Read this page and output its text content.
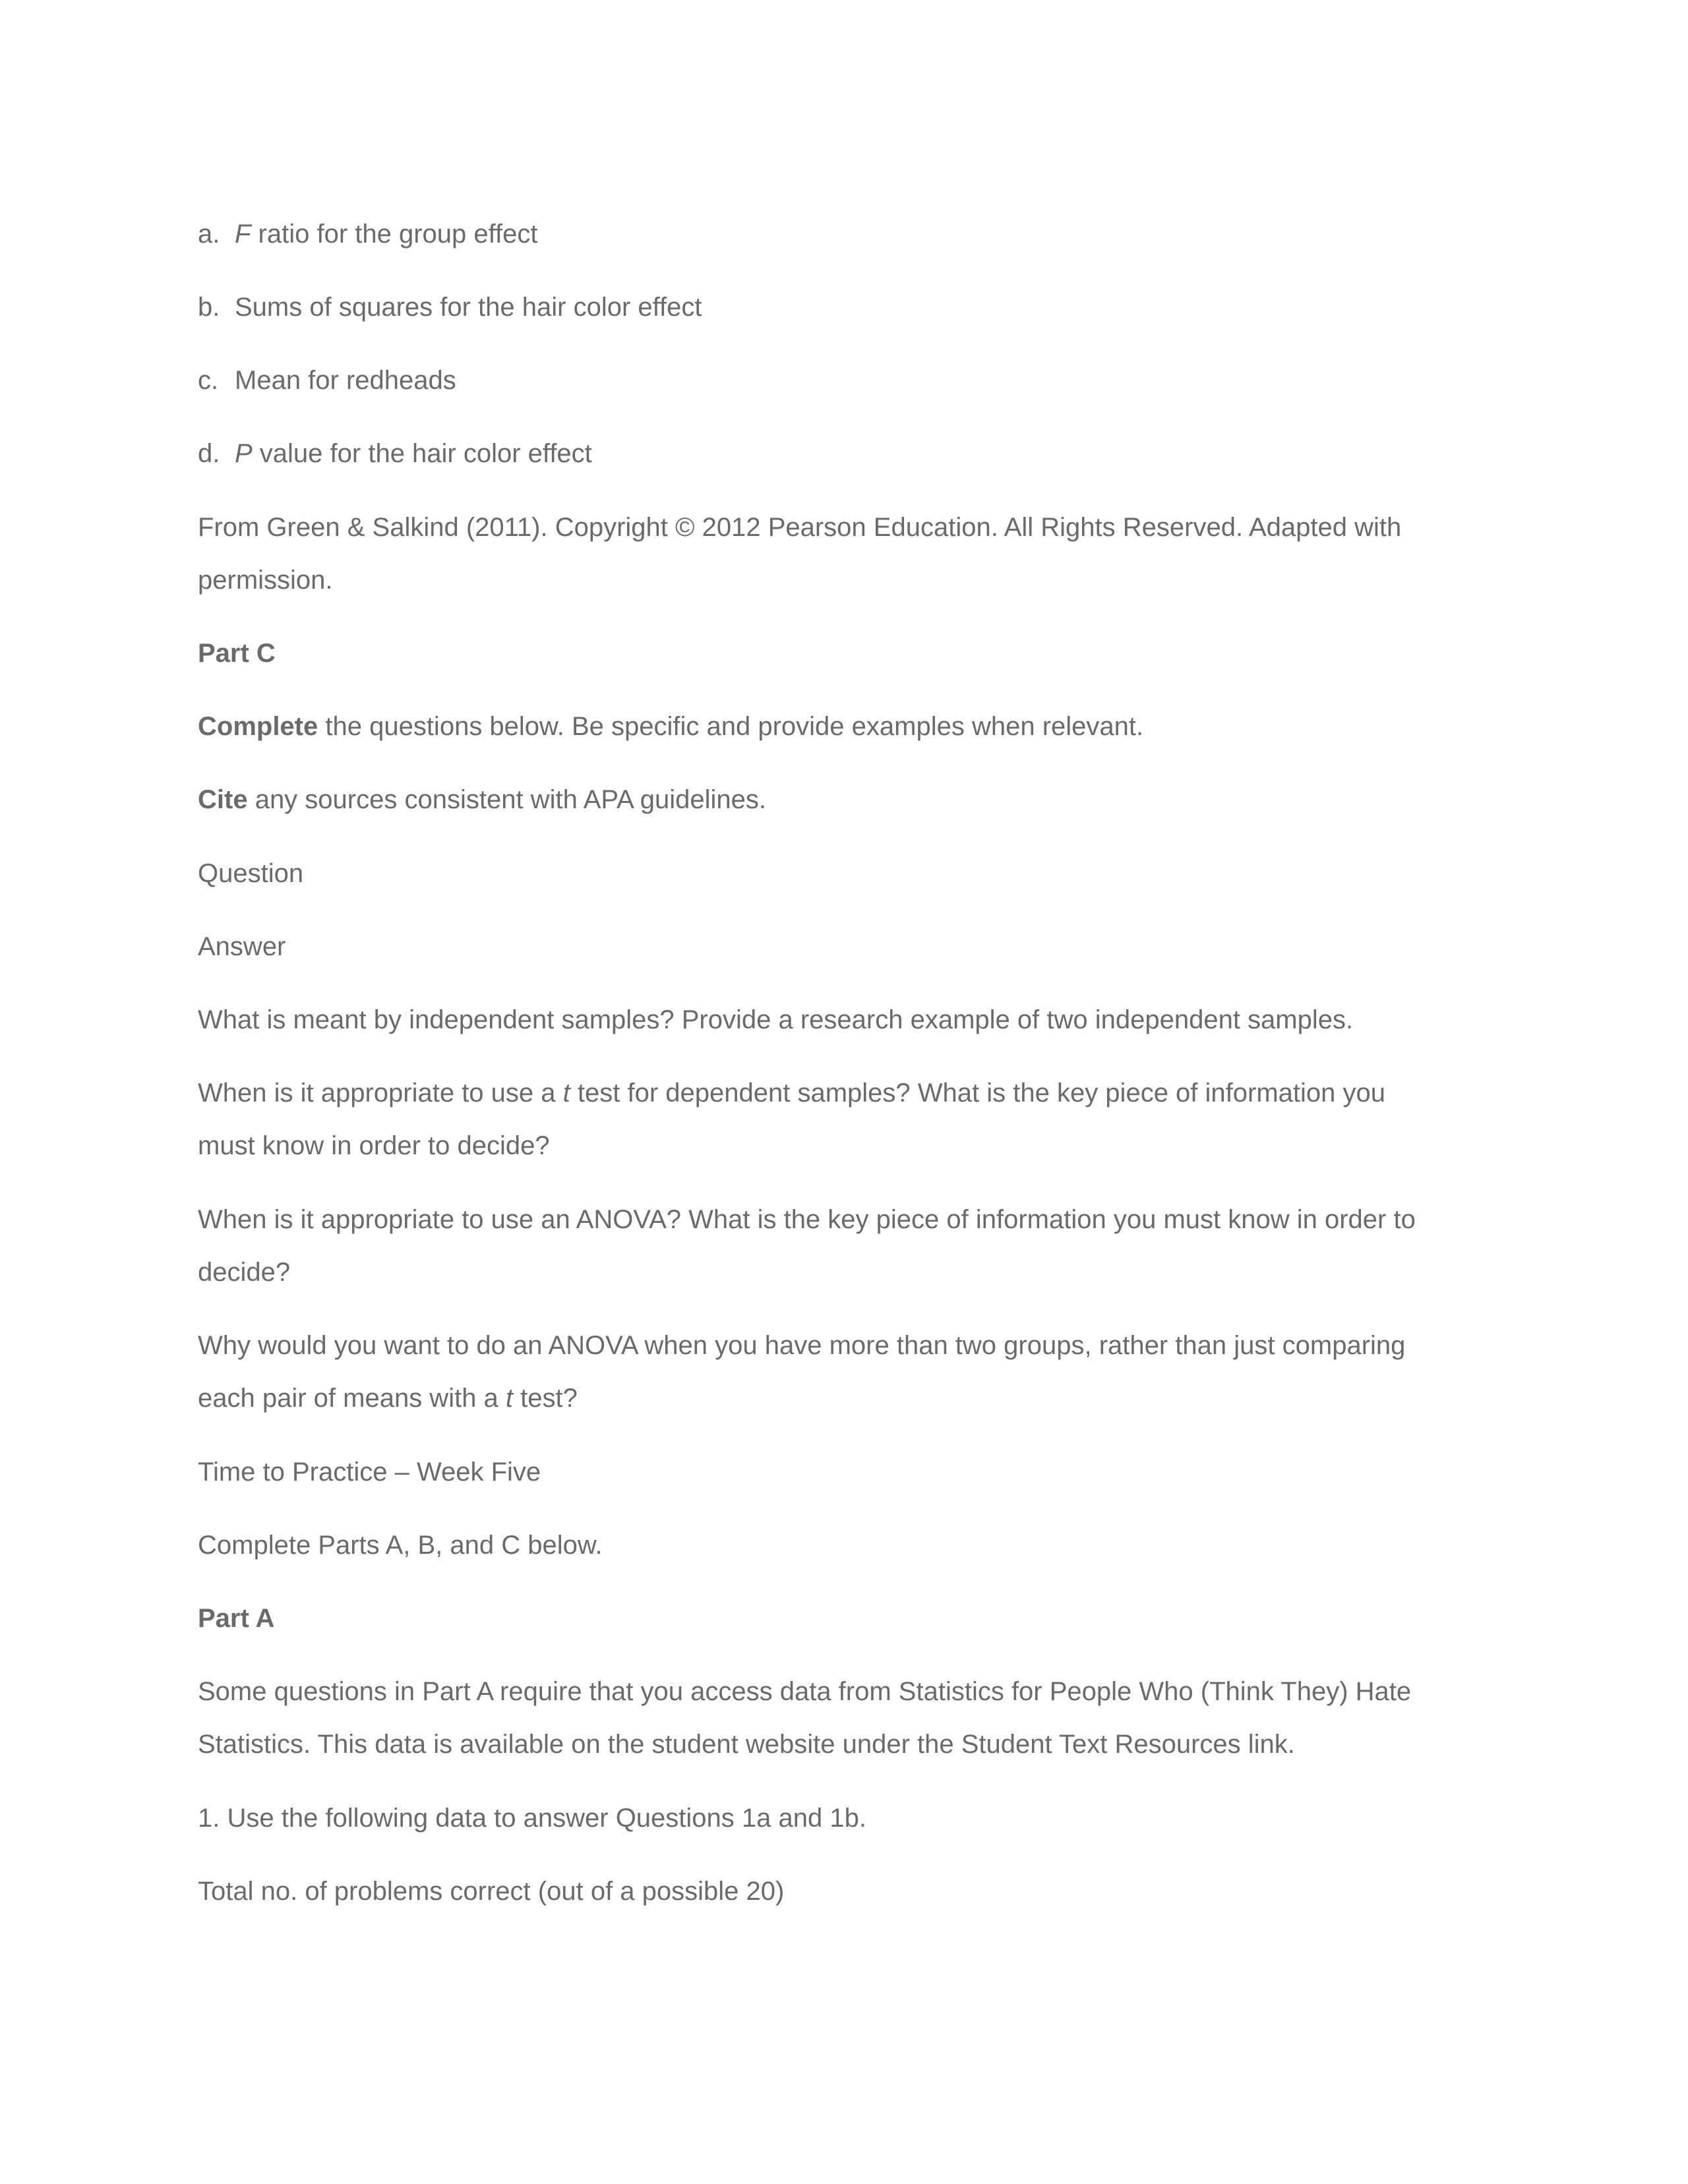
a. F ratio for the group effect

b. Sums of squares for the hair color effect

c. Mean for redheads

d. P value for the hair color effect

From Green & Salkind (2011). Copyright © 2012 Pearson Education. All Rights Reserved. Adapted with

permission.

Part C

Complete the questions below. Be specific and provide examples when relevant.

Cite any sources consistent with APA guidelines.

Question

Answer

What is meant by independent samples? Provide a research example of two independent samples.

When is it appropriate to use a t test for dependent samples? What is the key piece of information you

must know in order to decide?

When is it appropriate to use an ANOVA? What is the key piece of information you must know in order to

decide?

Why would you want to do an ANOVA when you have more than two groups, rather than just comparing

each pair of means with a t test?

Time to Practice – Week Five

Complete Parts A, B, and C below.

Part A

Some questions in Part A require that you access data from Statistics for People Who (Think They) Hate

Statistics. This data is available on the student website under the Student Text Resources link.

1. Use the following data to answer Questions 1a and 1b.

Total no. of problems correct (out of a possible 20)
